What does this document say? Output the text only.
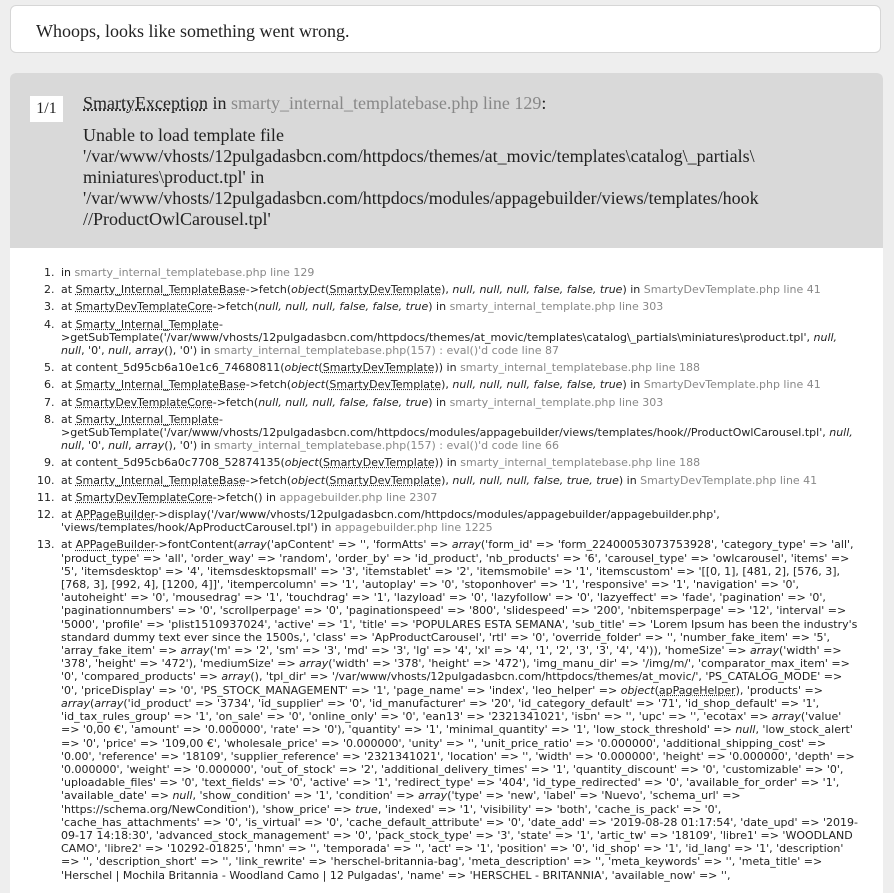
Whoops, looks like something went wrong.
1/1	SmartyException in smarty_internal_templatebase.php line 129:
Unable to load template file
'/var/www/vhosts/12pulgadasbcn.com/httpdocs/themes/at_movic/templates\catalog\_partials\
miniatures\product.tpl' in
'/var/www/vhosts/12pulgadasbcn.com/httpdocs/modules/appagebuilder/views/templates/hook
//ProductOwlCarousel.tpl'
1. in smarty_internal_templatebase.php line 129
2. at Smarty_Internal_TemplateBase->fetch(object(SmartyDevTemplate), null, null, null, false, false, true) in SmartyDevTemplate.php line 41
3. at SmartyDevTemplateCore->fetch(null, null, null, false, false, true) in smarty_internal_template.php line 303
4. at Smarty_Internal_Template->getSubTemplate('/var/www/vhosts/12pulgadasbcn.com/httpdocs/themes/at_movic/templates\catalog\_partials\miniatures\product.tpl', null, null, '0', null, array(), '0') in smarty_internal_templatebase.php(157) : eval()'d code line 87
5. at content_5d95cb6a10e1c6_74680811(object(SmartyDevTemplate)) in smarty_internal_templatebase.php line 188
6. at Smarty_Internal_TemplateBase->fetch(object(SmartyDevTemplate), null, null, null, false, false, true) in SmartyDevTemplate.php line 41
7. at SmartyDevTemplateCore->fetch(null, null, null, false, false, true) in smarty_internal_template.php line 303
8. at Smarty_Internal_Template->getSubTemplate('/var/www/vhosts/12pulgadasbcn.com/httpdocs/modules/appagebuilder/views/templates/hook//ProductOwlCarousel.tpl', null, null, '0', null, array(), '0') in smarty_internal_templatebase.php(157) : eval()'d code line 66
9. at content_5d95cb6a0c7708_52874135(object(SmartyDevTemplate)) in smarty_internal_templatebase.php line 188
10. at Smarty_Internal_TemplateBase->fetch(object(SmartyDevTemplate), null, null, null, false, true, true) in SmartyDevTemplate.php line 41
11. at SmartyDevTemplateCore->fetch() in appagebuilder.php line 2307
12. at APPageBuilder->display('/var/www/vhosts/12pulgadasbcn.com/httpdocs/modules/appagebuilder/appagebuilder.php', 'views/templates/hook/ApProductCarousel.tpl') in appagebuilder.php line 1225
13. at APPageBuilder->fontContent(array('apContent' => '', 'formAtts' => array('form_id' => 'form_22400053073753928', 'category_type' => 'all', 'product_type' => 'all', 'order_way' => 'random', 'order_by' => 'id_product', 'nb_products' => '6', 'carousel_type' => 'owlcarousel', 'items' => '5', 'itemsdesktop' => '4', 'itemsdesktopsmall' => '3', 'itemstablet' => '2', 'itemsmobile' => '1', 'itemscustom' => '[[0, 1], [481, 2], [576, 3], [768, 3], [992, 4], [1200, 4]]', 'itempercolumn' => '1', 'autoplay' => '0', 'stoponhover' => '1', 'responsive' => '1', 'navigation' => '0', 'autoheight' => '0', 'mousedrag' => '1', 'touchdrag' => '1', 'lazyload' => '0', 'lazyfollow' => '0', 'lazyeffect' => 'fade', 'pagination' => '0', 'paginationnumbers' => '0', 'scrollperpage' => '0', 'paginationspeed' => '800', 'slidespeed' => '200', 'nbitemsperpage' => '12', 'interval' => '5000', 'profile' => 'plist1510937024', 'active' => '1', 'title' => 'POPULARES ESTA SEMANA', 'sub_title' => 'Lorem Ipsum has been the industry's standard dummy text ever since the 1500s,', 'class' => 'ApProductCarousel', 'rtl' => '0', 'override_folder' => '', 'number_fake_item' => '5', 'array_fake_item' => array('m' => '2', 'sm' => '3', 'md' => '3', 'lg' => '4', 'xl' => '4', '1', '2', '3', '3', '4', '4')), 'homeSize' => array('width' => '378', 'height' => '472'), 'mediumSize' => array('width' => '378', 'height' => '472'), 'img_manu_dir' => '/img/m/', 'comparator_max_item' => '0', 'compared_products' => array(), 'tpl_dir' => '/var/www/vhosts/12pulgadasbcn.com/httpdocs/themes/at_movic/', 'PS_CATALOG_MODE' => '0', 'priceDisplay' => '0', 'PS_STOCK_MANAGEMENT' => '1', 'page_name' => 'index', 'leo_helper' => object(apPageHelper), 'products' => array(array('id_product' => '3734', 'id_supplier' => '0', 'id_manufacturer' => '20', 'id_category_default' => '71', 'id_shop_default' => '1', 'id_tax_rules_group' => '1', 'on_sale' => '0', 'online_only' => '0', 'ean13' => '2321341021', 'isbn' => '', 'upc' => '', 'ecotax' => array('value' => '0,00 €', 'amount' => '0.000000', 'rate' => '0'), 'quantity' => '1', 'minimal_quantity' => '1', 'low_stock_threshold' => null, 'low_stock_alert' => '0', 'price' => '109,00 €', 'wholesale_price' => '0.000000', 'unity' => '', 'unit_price_ratio' => '0.000000', 'additional_shipping_cost' => '0.00', 'reference' => '18109', 'supplier_reference' => '2321341021', 'location' => '', 'width' => '0.000000', 'height' => '0.000000', 'depth' => '0.000000', 'weight' => '0.000000', 'out_of_stock' => '2', 'additional_delivery_times' => '1', 'quantity_discount' => '0', 'customizable' => '0', 'uploadable_files' => '0', 'text_fields' => '0', 'active' => '1', 'redirect_type' => '404', 'id_type_redirected' => '0', 'available_for_order' => '1', 'available_date' => null, 'show_condition' => '1', 'condition' => array('type' => 'new', 'label' => 'Nuevo', 'schema_url' => 'https://schema.org/NewCondition'), 'show_price' => true, 'indexed' => '1', 'visibility' => 'both', 'cache_is_pack' => '0', 'cache_has_attachments' => '0', 'is_virtual' => '0', 'cache_default_attribute' => '0', 'date_add' => '2019-08-28 01:17:54', 'date_upd' => '2019-09-17 14:18:30', 'advanced_stock_management' => '0', 'pack_stock_type' => '3', 'state' => '1', 'artic_tw' => '18109', 'libre1' => 'WOODLAND CAMO', 'libre2' => '10292-01825', 'hmn' => '', 'temporada' => '', 'act' => '1', 'position' => '0', 'id_shop' => '1', 'id_lang' => '1', 'description' => '', 'description_short' => '', 'link_rewrite' => 'herschel-britannia-bag', 'meta_description' => '', 'meta_keywords' => '', 'meta_title' => 'Herschel | Mochila Britannia - Woodland Camo | 12 Pulgadas', 'name' => 'HERSCHEL - BRITANNIA', 'available_now' => '',
